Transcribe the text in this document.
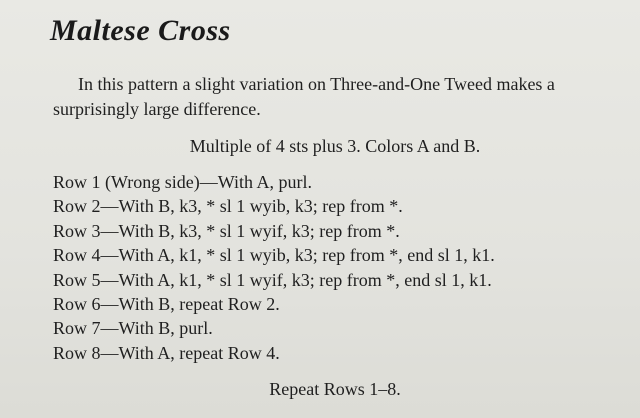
Maltese Cross
In this pattern a slight variation on Three-and-One Tweed makes a surprisingly large difference.
Multiple of 4 sts plus 3. Colors A and B.
Row 1 (Wrong side)—With A, purl.
Row 2—With B, k3, * sl 1 wyib, k3; rep from *.
Row 3—With B, k3, * sl 1 wyif, k3; rep from *.
Row 4—With A, k1, * sl 1 wyib, k3; rep from *, end sl 1, k1.
Row 5—With A, k1, * sl 1 wyif, k3; rep from *, end sl 1, k1.
Row 6—With B, repeat Row 2.
Row 7—With B, purl.
Row 8—With A, repeat Row 4.
Repeat Rows 1–8.
